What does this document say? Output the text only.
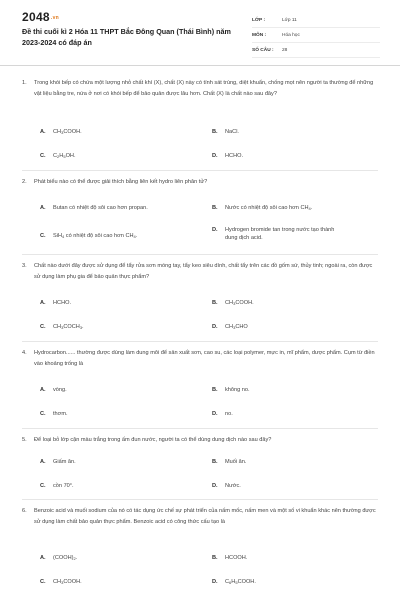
$2048^{.vn}$
Đề thi cuối kì 2 Hóa 11 THPT Bắc Đông Quan (Thái Bình) năm 2023-2024 có đáp án
LỚP :	Lớp 11
MÔN :	Hóa học
SỐ CÂU :	28
1.	Trong khói bếp có chứa một lượng nhỏ chất khí (X), chất (X) này có tính sát trùng, diệt khuẩn, chống mọt nên người ta thường để những vật liệu bằng tre, nứa ở nơi có khói bếp để bảo quản được lâu hơn. Chất (X) là chất nào sau đây?
A.	$CH_3COOH$.	B.	NaCl.
C.	$C_2H_5OH$.	D.	HCHO.
2.	Phát biểu nào có thể được giải thích bằng liên kết hydro liên phân tử?
A.	Butan có nhiệt độ sôi cao hơn propan.	B.	Nước có nhiệt độ sôi cao hơn $CH_4$.
C.	SiH$_4$ có nhiệt độ sôi cao hơn $CH_4$.
D.	Hydrogen bromide tan trong nước tạo thành dung dịch acid.
3.	Chất nào dưới đây được sử dụng để tẩy rửa sơn móng tay, tẩy keo siêu dính, chất tẩy trên các đồ gốm sứ, thủy tinh; ngoài ra, còn được sử dụng làm phụ gia để bảo quản thực phẩm?
A.	HCHO.	B.	$CH_3COOH$.
C.	$CH_3COCH_3$.	D.	$CH_3CHO$
4.	Hydrocarbon...... thường được dùng làm dung môi để sản xuất sơn, cao su, các loại polymer, mực in, mĩ phẩm, dược phẩm. Cụm từ điền vào khoảng trống là
A.	vòng.	B.	không no.
C.	thơm.	D.	no.
5.	Để loại bỏ lớp cặn màu trắng trong ấm đun nước, người ta có thể dùng dung dịch nào sau đây?
A.	Giấm ăn.	B.	Muối ăn.
C.	cồn 70°.	D.	Nước.
6.	Benzoic acid và muối sodium của nó có tác dụng ức chế sự phát triển của nấm mốc, nấm men và một số vi khuẩn khác nên thường được sử dụng làm chất bảo quản thực phẩm. Benzoic acid có công thức cấu tạo là
A.	$(COOH)_2$.	B.	HCOOH.
C.	$CH_3COOH$.	D.	$C_6H_5COOH$.
